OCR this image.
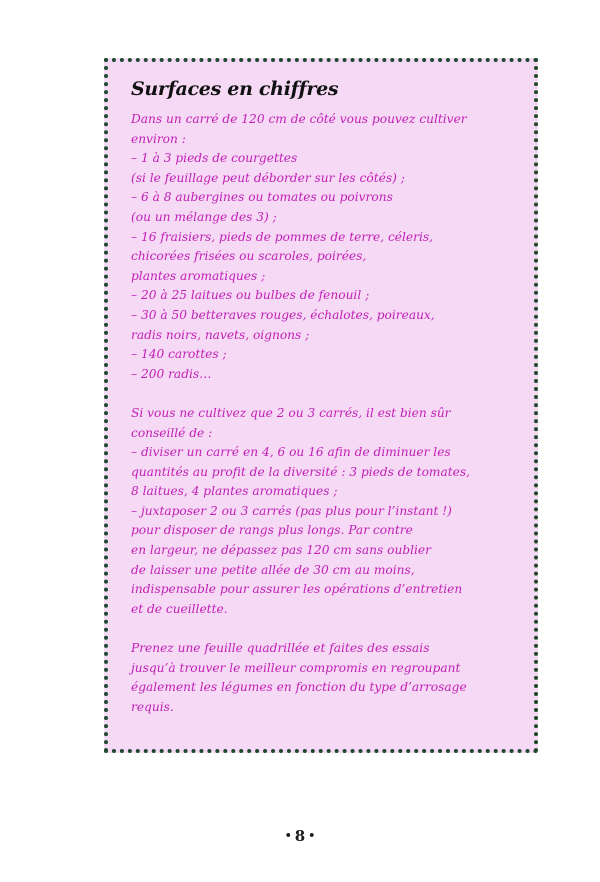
Surfaces en chiffres
Dans un carré de 120 cm de côté vous pouvez cultiver
environ :
– 1 à 3 pieds de courgettes
(si le feuillage peut déborder sur les côtés) ;
– 6 à 8 aubergines ou tomates ou poivrons
(ou un mélange des 3) ;
– 16 fraisiers, pieds de pommes de terre, céleris,
chicorées frisées ou scaroles, poirées,
plantes aromatiques ;
– 20 à 25 laitues ou bulbes de fenouil ;
– 30 à 50 betteraves rouges, échalotes, poireaux,
radis noirs, navets, oignons ;
– 140 carottes ;
– 200 radis…
Si vous ne cultivez que 2 ou 3 carrés, il est bien sûr
conseillé de :
– diviser un carré en 4, 6 ou 16 afin de diminuer les
quantités au profit de la diversité : 3 pieds de tomates,
8 laitues, 4 plantes aromatiques ;
– juxtaposer 2 ou 3 carrés (pas plus pour l’instant !)
pour disposer de rangs plus longs. Par contre
en largeur, ne dépassez pas 120 cm sans oublier
de laisser une petite allée de 30 cm au moins,
indispensable pour assurer les opérations d’entretien
et de cueillette.
Prenez une feuille quadrillée et faites des essais
jusqu’à trouver le meilleur compromis en regroupant
également les légumes en fonction du type d’arrosage
requis.
• 8 •
